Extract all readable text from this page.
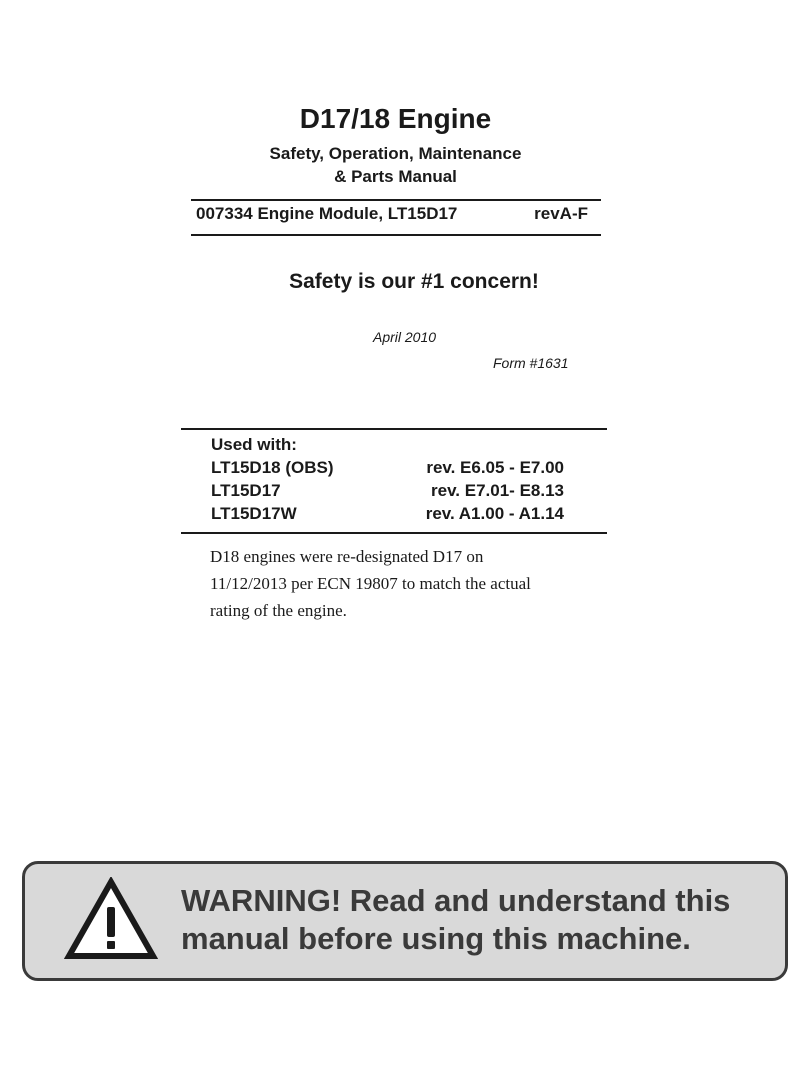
D17/18 Engine
Safety, Operation, Maintenance
& Parts Manual
007334 Engine Module, LT15D17	revA-F
Safety is our #1 concern!
April 2010
Form #1631
Used with:
LT15D18 (OBS)	rev. E6.05 - E7.00
LT15D17	rev. E7.01- E8.13
LT15D17W	rev. A1.00 - A1.14
D18 engines were re-designated D17 on
11/12/2013 per ECN 19807 to match the actual
rating of the engine.
WARNING! Read and understand this
manual before using this machine.
